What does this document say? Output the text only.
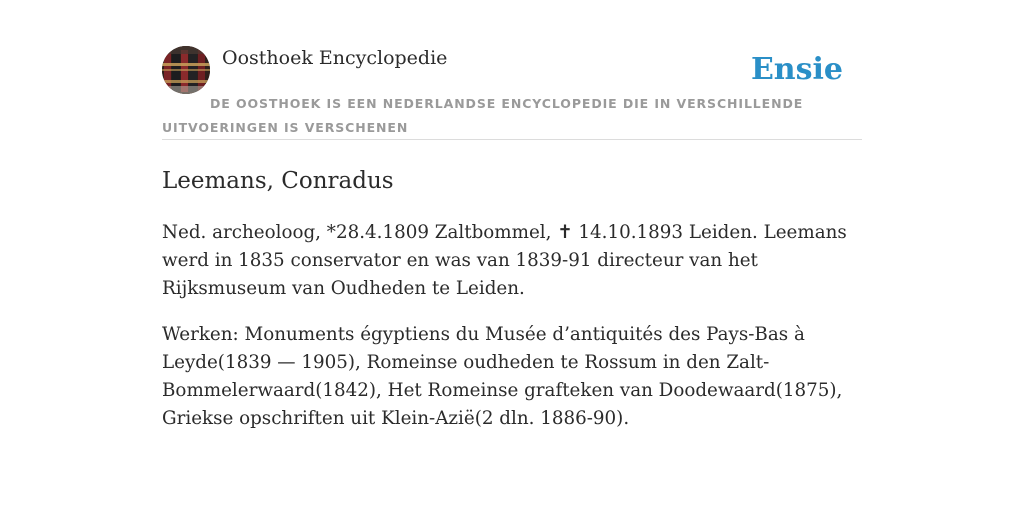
Oosthoek Encyclopedie	Ensie
DE OOSTHOEK IS EEN NEDERLANDSE ENCYCLOPEDIE DIE IN VERSCHILLENDE UITVOERINGEN IS VERSCHENEN
Leemans, Conradus

Ned. archeoloog, *28.4.1809 Zaltbommel, ✝ 14.10.1893 Leiden. Leemans werd in 1835 conservator en was van 1839-91 directeur van het Rijksmuseum van Oudheden te Leiden.

Werken: Monuments égyptiens du Musée d’antiquités des Pays-Bas à Leyde(1839 — 1905), Romeinse oudheden te Rossum in den Zalt-Bommelerwaard(1842), Het Romeinse grafteken van Doodewaard(1875), Griekse opschriften uit Klein-Azië(2 dln. 1886-90).
